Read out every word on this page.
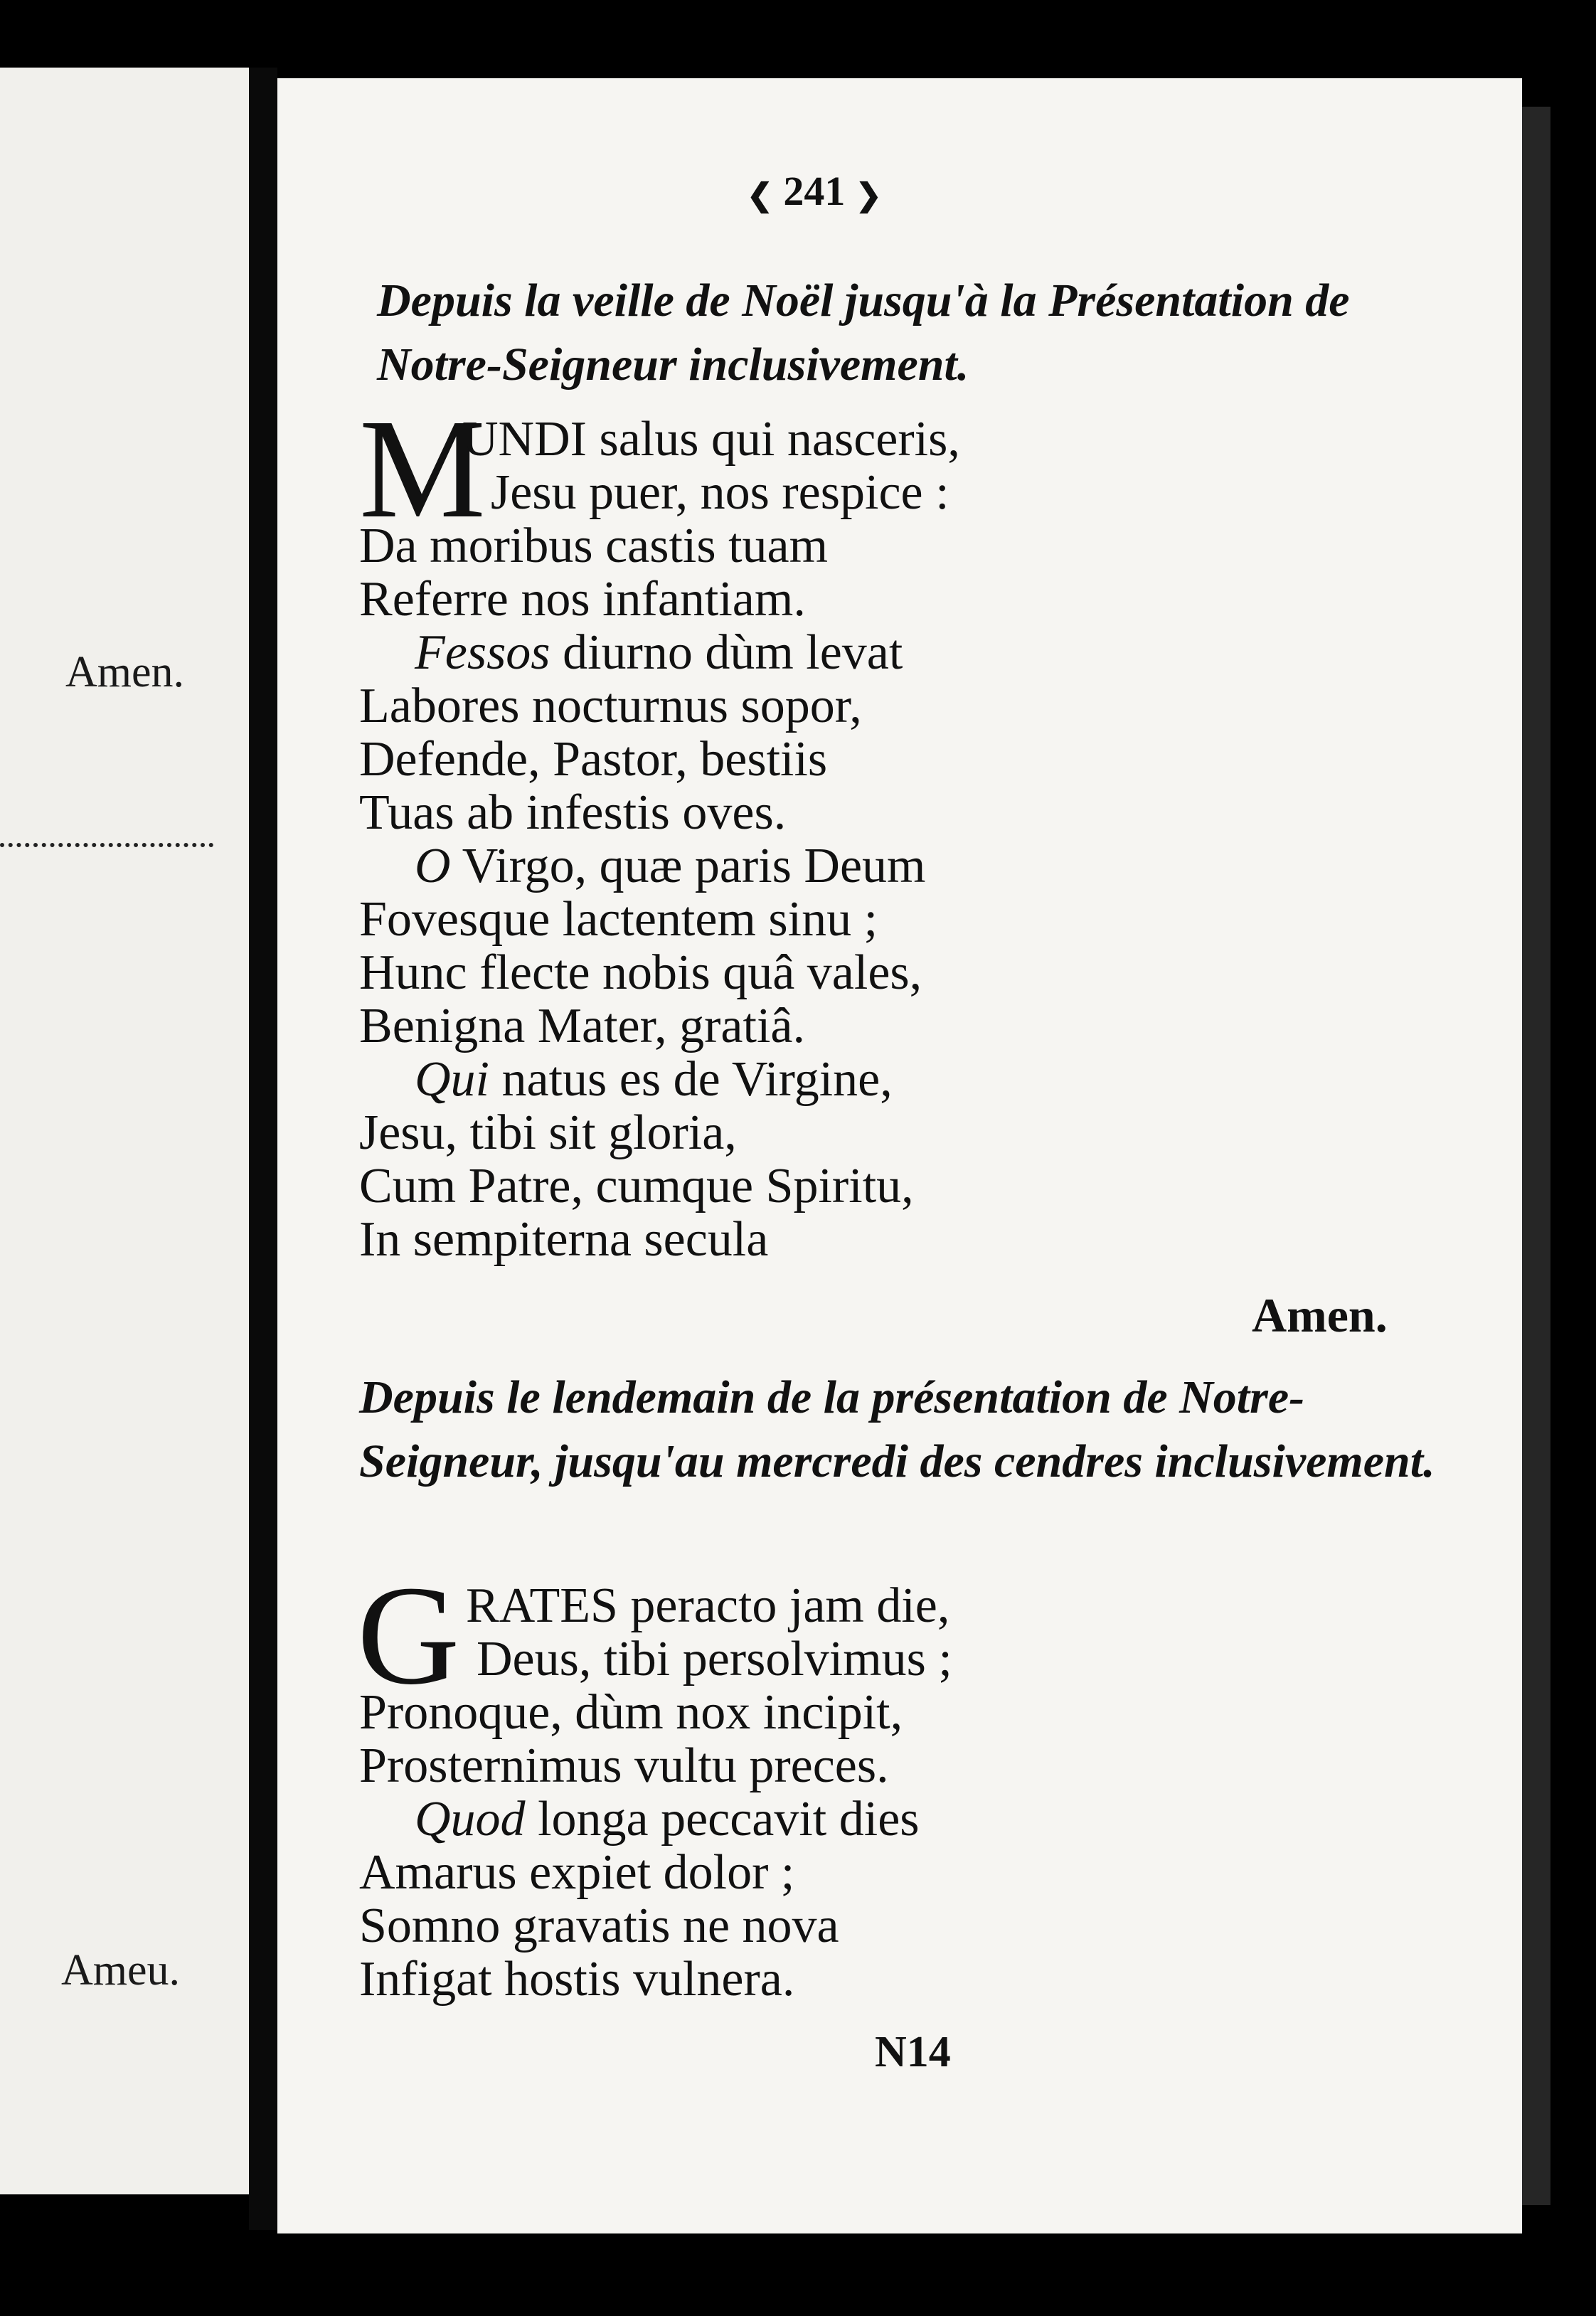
Amen.
Ameu.
❮ 241 ❯
Depuis la veille de Noël jusqu'à la Présentation de Notre-Seigneur inclusivement.
M
UNDI salus qui nasceris,
Jesu puer, nos respice :
Da moribus castis tuam
Referre nos infantiam.
Fessos diurno dùm levat
Labores nocturnus sopor,
Defende, Pastor, bestiis
Tuas ab infestis oves.
O Virgo, quæ paris Deum
Fovesque lactentem sinu ;
Hunc flecte nobis quâ vales,
Benigna Mater, gratiâ.
Qui natus es de Virgine,
Jesu, tibi sit gloria,
Cum Patre, cumque Spiritu,
In sempiterna secula
Amen.
Depuis le lendemain de la présentation de Notre-Seigneur, jusqu'au mercredi des cendres inclusivement.
G RATES peracto jam die,
Deus, tibi persolvimus ;
Pronoque, dùm nox incipit,
Prosternimus vultu preces.
Quod longa peccavit dies
Amarus expiet dolor ;
Somno gravatis ne nova
Infigat hostis vulnera.
N14
